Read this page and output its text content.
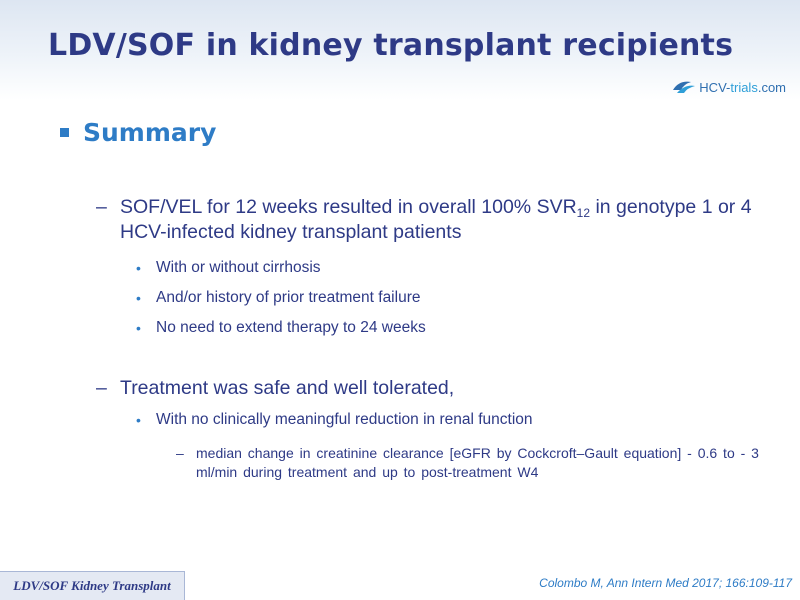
LDV/SOF in kidney transplant recipients
HCV-trials.com
Summary
– SOF/VEL for 12 weeks resulted in overall 100% $SVR_{12}$ in genotype 1 or 4 HCV-infected kidney transplant patients
• With or without cirrhosis
• And/or history of prior treatment failure
• No need to extend therapy to 24 weeks
– Treatment was safe and well tolerated,
• With no clinically meaningful reduction in renal function
– median change in creatinine clearance [eGFR by Cockcroft–Gault equation] - 0.6 to - 3 ml/min during treatment and up to post-treatment W4
LDV/SOF Kidney Transplant	Colombo M, Ann Intern Med 2017; 166:109-117
